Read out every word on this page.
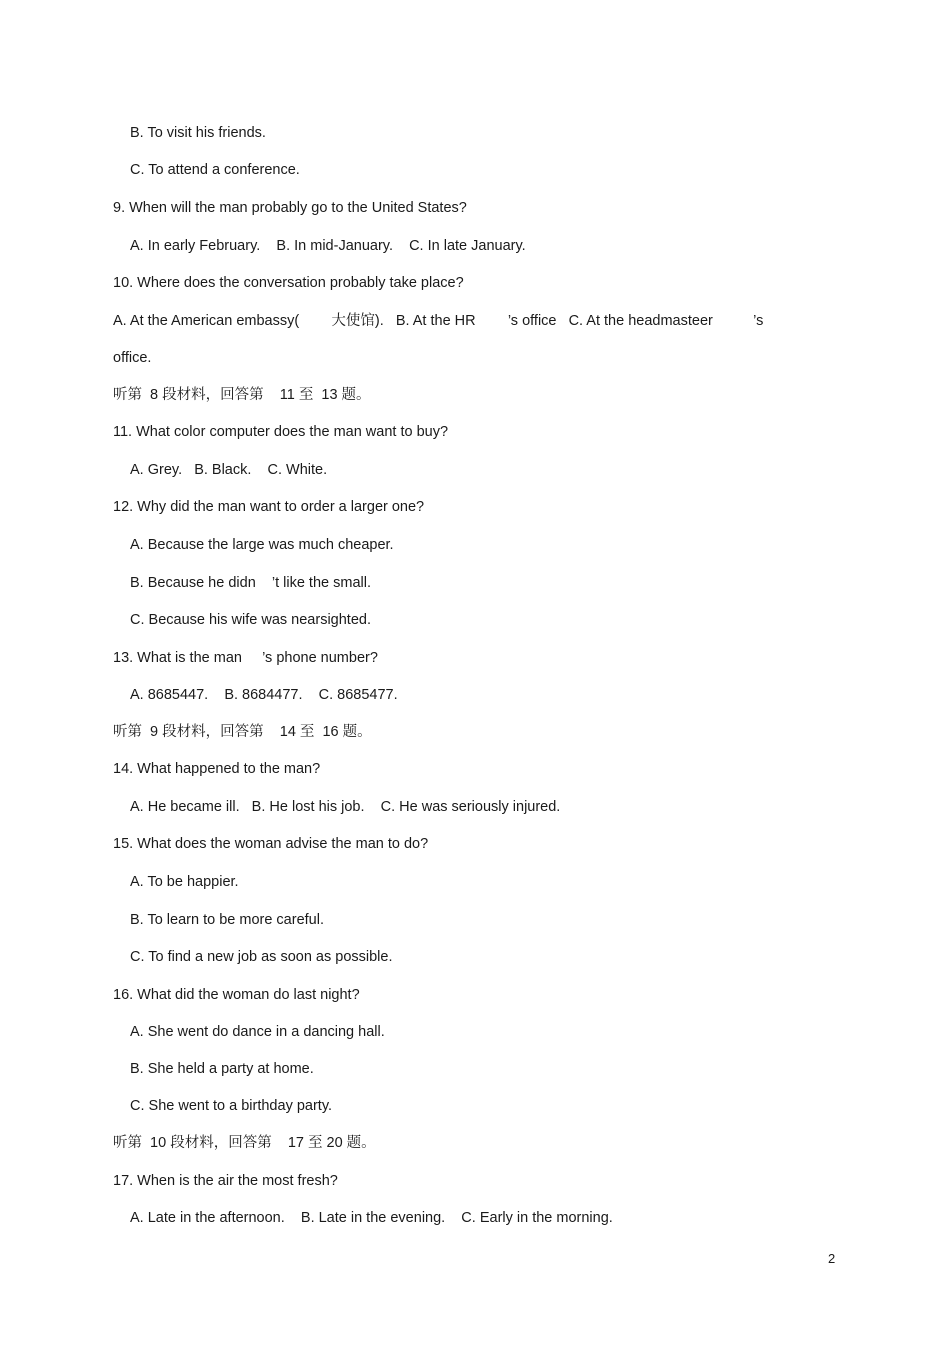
B. To visit his friends.
C. To attend a conference.
9. When will the man probably go to the United States?
A. In early February.    B. In mid-January.    C. In late January.
10. Where does the conversation probably take place?
A. At the American embassy(        大使馆).   B. At the HR        ’s office   C. At the headmasteer          ’s
office.
听第  8 段材料，回答第    11 至  13 题。
11. What color computer does the man want to buy?
A. Grey.   B. Black.    C. White.
12. Why did the man want to order a larger one?
A. Because the large was much cheaper.
B. Because he didn    ’t like the small.
C. Because his wife was nearsighted.
13. What is the man     ’s phone number?
A. 8685447.    B. 8684477.    C. 8685477.
听第  9 段材料，回答第    14 至  16 题。
14. What happened to the man?
A. He became ill.   B. He lost his job.    C. He was seriously injured.
15. What does the woman advise the man to do?
A. To be happier.
B. To learn to be more careful.
C. To find a new job as soon as possible.
16. What did the woman do last night?
A. She went do dance in a dancing hall.
B. She held a party at home.
C. She went to a birthday party.
听第  10 段材料，回答第    17 至 20 题。
17. When is the air the most fresh?
A. Late in the afternoon.    B. Late in the evening.    C. Early in the morning.
2
